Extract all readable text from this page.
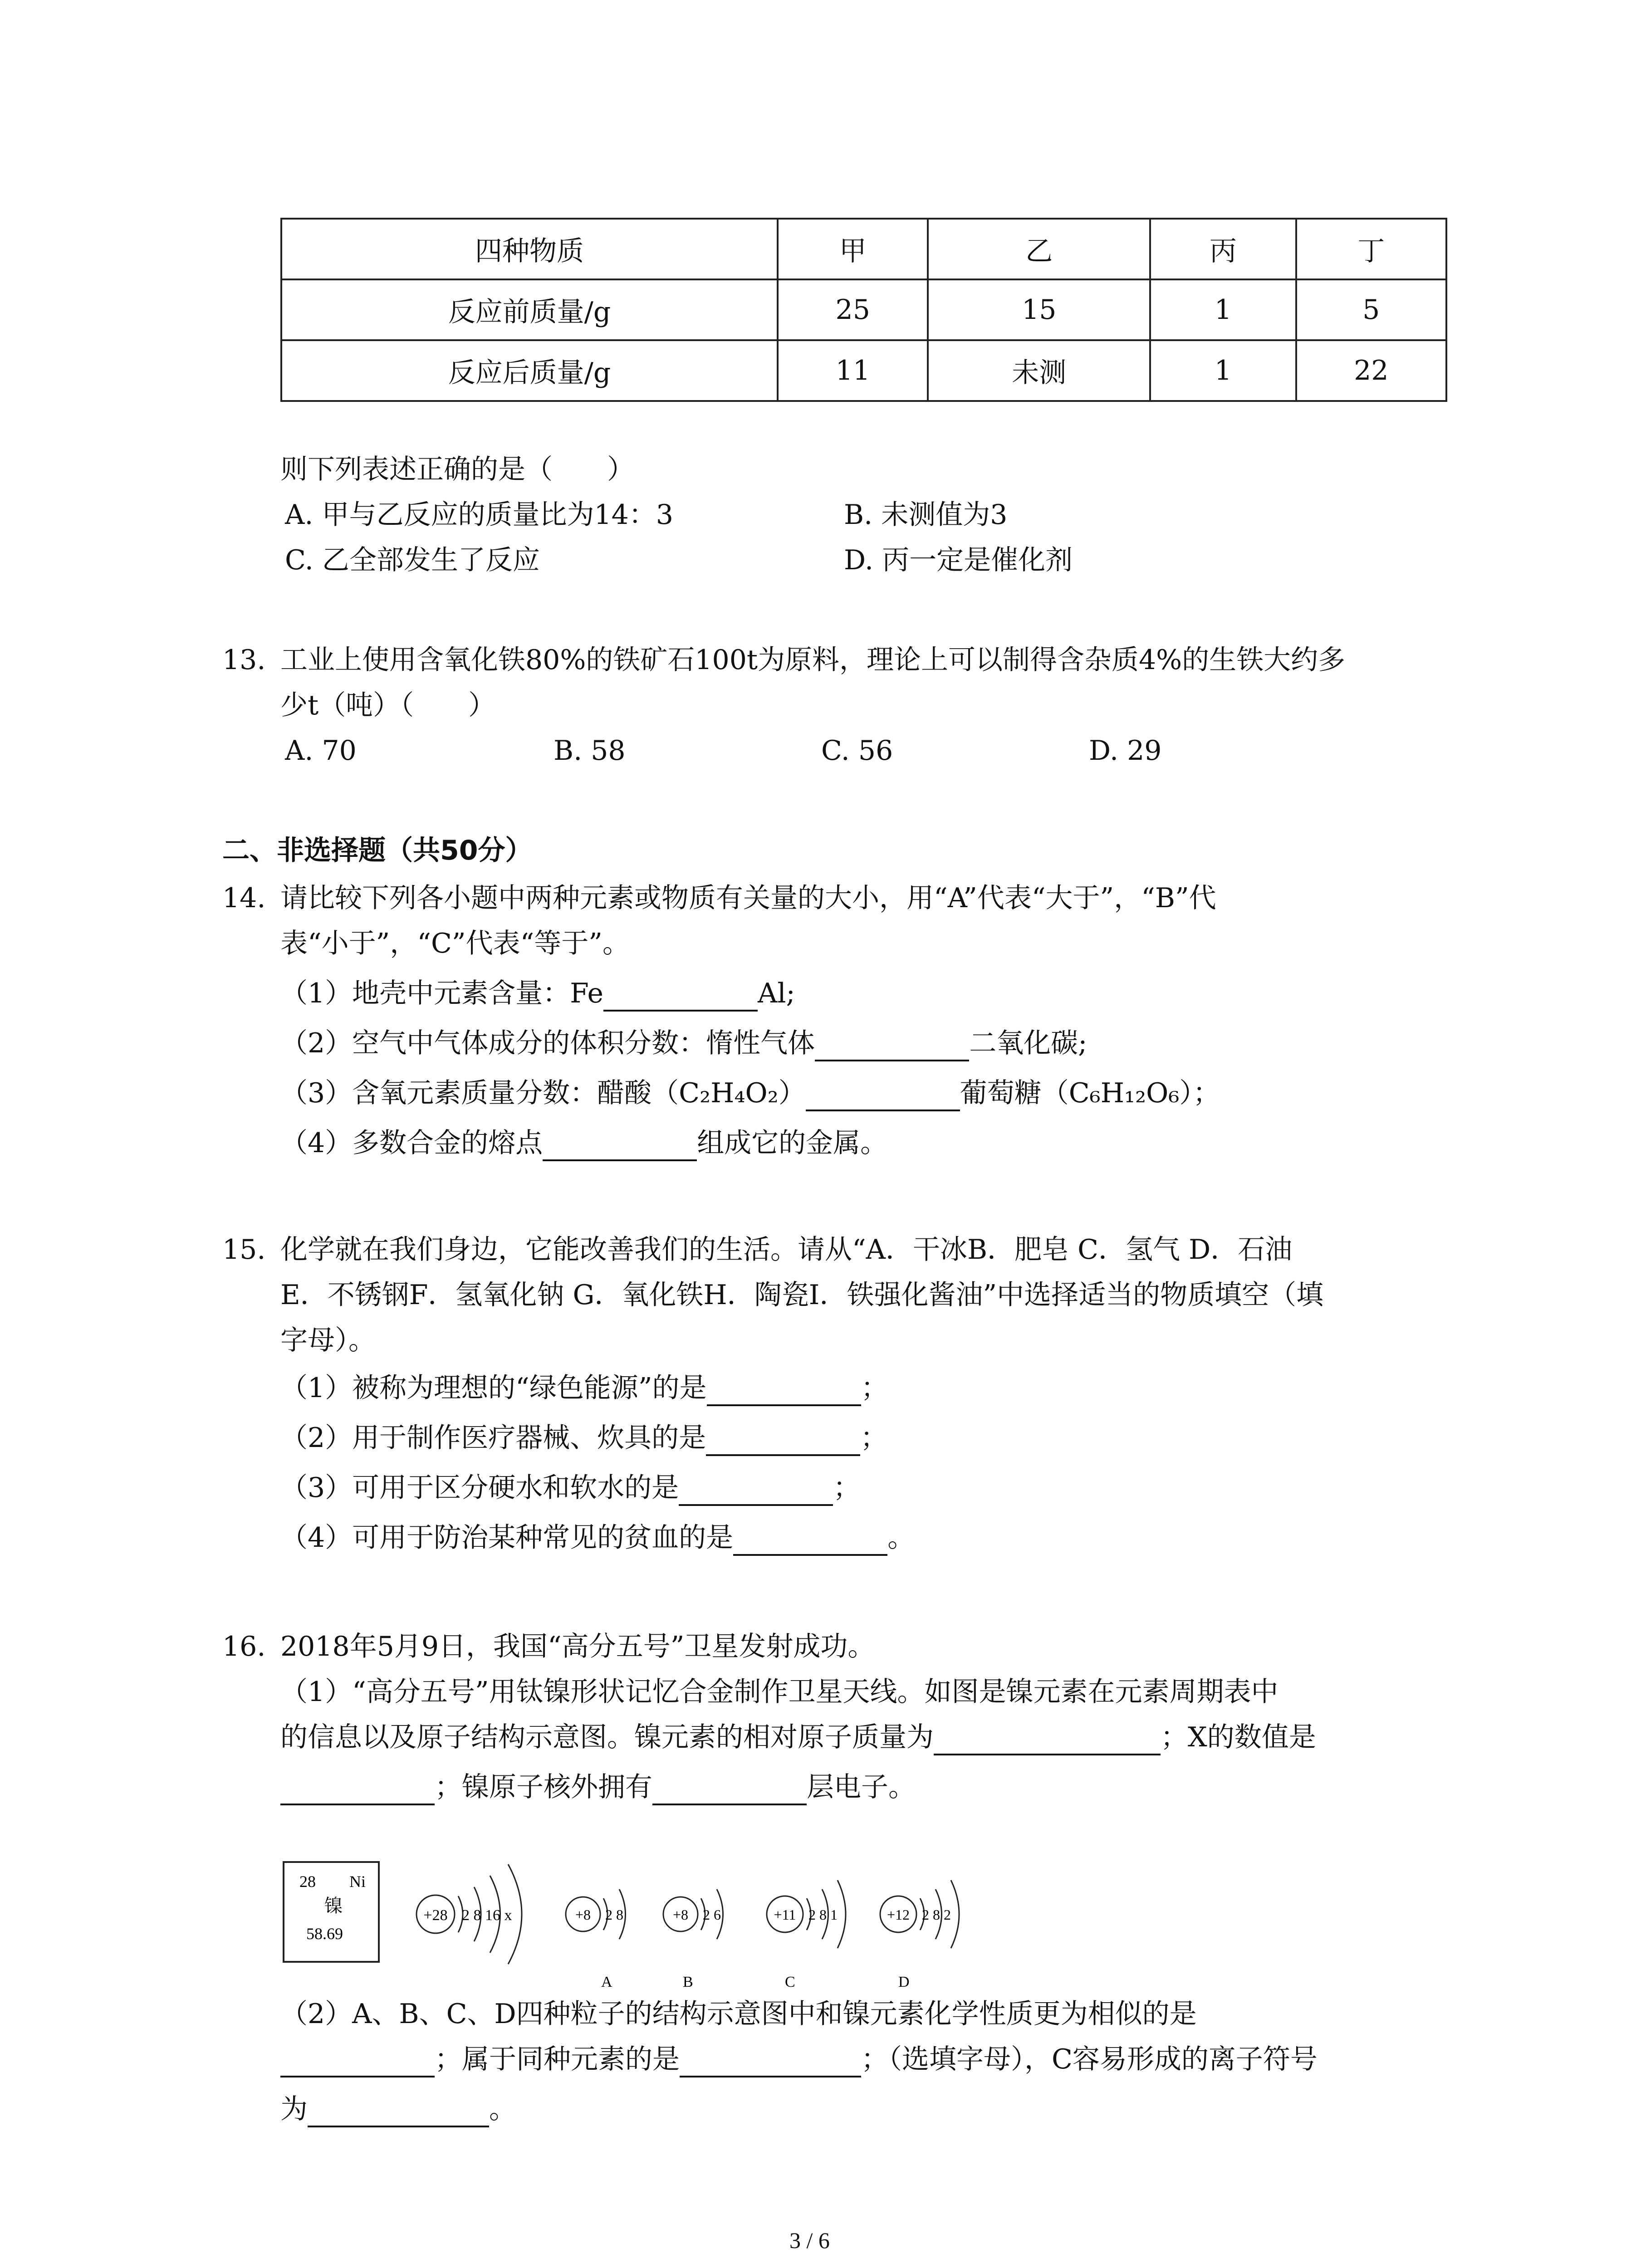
四种物质	甲	乙	丙	丁
反应前质量/g	25	15	1	5
反应后质量/g	11	未测	1	22
则下列表述正确的是（　　）
A. 甲与乙反应的质量比为14：3	B. 未测值为3
C. 乙全部发生了反应	D. 丙一定是催化剂
13. 工业上使用含氧化铁80%的铁矿石100t为原料，理论上可以制得含杂质4%的生铁大约多
少t（吨）（　　）
A. 70	B. 58	C. 56	D. 29
二、非选择题（共50分）
14. 请比较下列各小题中两种元素或物质有关量的大小，用“A”代表“大于”，“B”代
表“小于”，“C”代表“等于”。
（1）地壳中元素含量：Fe	Al;
（2）空气中气体成分的体积分数：惰性气体	二氧化碳;
（3）含氧元素质量分数：醋酸（C₂H₄O₂）	葡萄糖（C₆H₁₂O₆）；
（4）多数合金的熔点	组成它的金属。
15. 化学就在我们身边，它能改善我们的生活。请从“A．干冰B．肥皂 C．氢气 D．石油
E．不锈钢F．氢氧化钠 G．氧化铁H．陶瓷I．铁强化酱油”中选择适当的物质填空（填
字母）。
（1）被称为理想的“绿色能源”的是	；
（2）用于制作医疗器械、炊具的是	；
（3）可用于区分硬水和软水的是	；
（4）可用于防治某种常见的贫血的是	。
16. 2018年5月9日，我国“高分五号”卫星发射成功。
（1）“高分五号”用钛镍形状记忆合金制作卫星天线。如图是镍元素在元素周期表中
的信息以及原子结构示意图。镍元素的相对原子质量为	；X的数值是
；镍原子核外拥有	层电子。
28 Ni
镍
58.69
+28 2 8 16 x	+8 2 8
A
+8 2 6
B
+11 2 8 1
C
+12 2 8 2
D
（2）A、B、C、D四种粒子的结构示意图中和镍元素化学性质更为相似的是
；属于同种元素的是	；（选填字母），C容易形成的离子符号
为	。
3 / 6
